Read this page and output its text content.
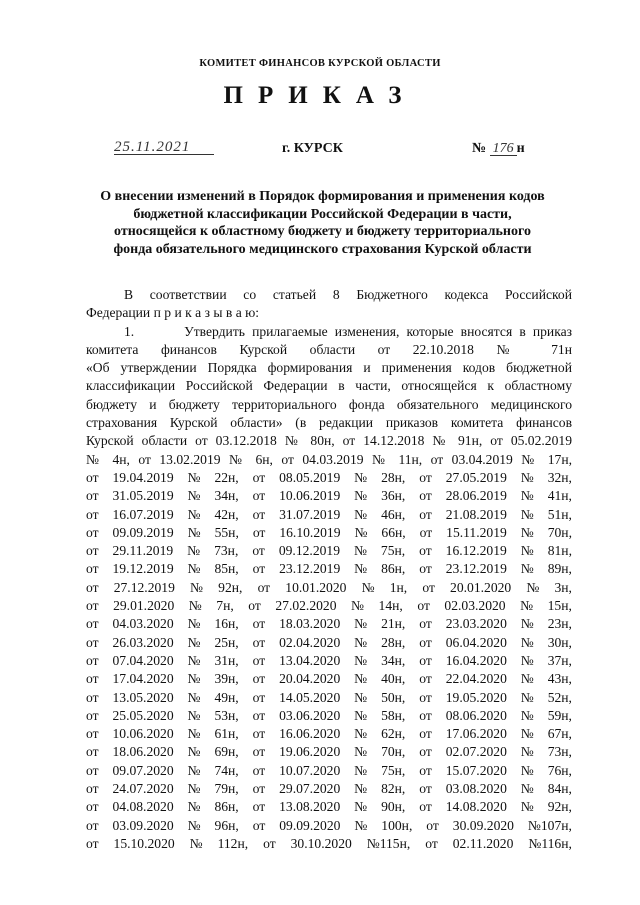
КОМИТЕТ ФИНАНСОВ КУРСКОЙ ОБЛАСТИ
ПРИКАЗ
25.11.2021	г. КУРСК	№ 176 н
О внесении изменений в Порядок формирования и применения кодов
бюджетной классификации Российской Федерации в части,
относящейся к областному бюджету и бюджету территориального
фонда обязательного медицинского страхования Курской области
В соответствии со статьей 8 Бюджетного кодекса Российской
Федерации п р и к а з ы в а ю:
1.	Утвердить прилагаемые изменения, которые вносятся в приказ
комитета финансов Курской области от 22.10.2018 № 71н
«Об утверждении Порядка формирования и применения кодов бюджетной
классификации Российской Федерации в части, относящейся к областному
бюджету и бюджету территориального фонда обязательного медицинского
страхования Курской области» (в редакции приказов комитета финансов
Курской области от 03.12.2018 № 80н, от 14.12.2018 № 91н, от 05.02.2019
№ 4н, от 13.02.2019 № 6н, от 04.03.2019 № 11н, от 03.04.2019 № 17н,
от 19.04.2019 № 22н, от 08.05.2019 № 28н, от 27.05.2019 № 32н,
от 31.05.2019 № 34н, от 10.06.2019 № 36н, от 28.06.2019 № 41н,
от 16.07.2019 № 42н, от 31.07.2019 № 46н, от 21.08.2019 № 51н,
от 09.09.2019 № 55н, от 16.10.2019 № 66н, от 15.11.2019 № 70н,
от 29.11.2019 № 73н, от 09.12.2019 № 75н, от 16.12.2019 № 81н,
от 19.12.2019 № 85н, от 23.12.2019 № 86н, от 23.12.2019 № 89н,
от 27.12.2019 № 92н, от 10.01.2020 № 1н, от 20.01.2020 № 3н,
от 29.01.2020 № 7н, от 27.02.2020 № 14н, от 02.03.2020 № 15н,
от 04.03.2020 № 16н, от 18.03.2020 № 21н, от 23.03.2020 № 23н,
от 26.03.2020 № 25н, от 02.04.2020 № 28н, от 06.04.2020 № 30н,
от 07.04.2020 № 31н, от 13.04.2020 № 34н, от 16.04.2020 № 37н,
от 17.04.2020 № 39н, от 20.04.2020 № 40н, от 22.04.2020 № 43н,
от 13.05.2020 № 49н, от 14.05.2020 № 50н, от 19.05.2020 № 52н,
от 25.05.2020 № 53н, от 03.06.2020 № 58н, от 08.06.2020 № 59н,
от 10.06.2020 № 61н, от 16.06.2020 № 62н, от 17.06.2020 № 67н,
от 18.06.2020 № 69н, от 19.06.2020 № 70н, от 02.07.2020 № 73н,
от 09.07.2020 № 74н, от 10.07.2020 № 75н, от 15.07.2020 № 76н,
от 24.07.2020 № 79н, от 29.07.2020 № 82н, от 03.08.2020 № 84н,
от 04.08.2020 № 86н, от 13.08.2020 № 90н, от 14.08.2020 № 92н,
от 03.09.2020 № 96н, от 09.09.2020 № 100н, от 30.09.2020 №107н,
от 15.10.2020 № 112н, от 30.10.2020 №115н, от 02.11.2020 №116н,
